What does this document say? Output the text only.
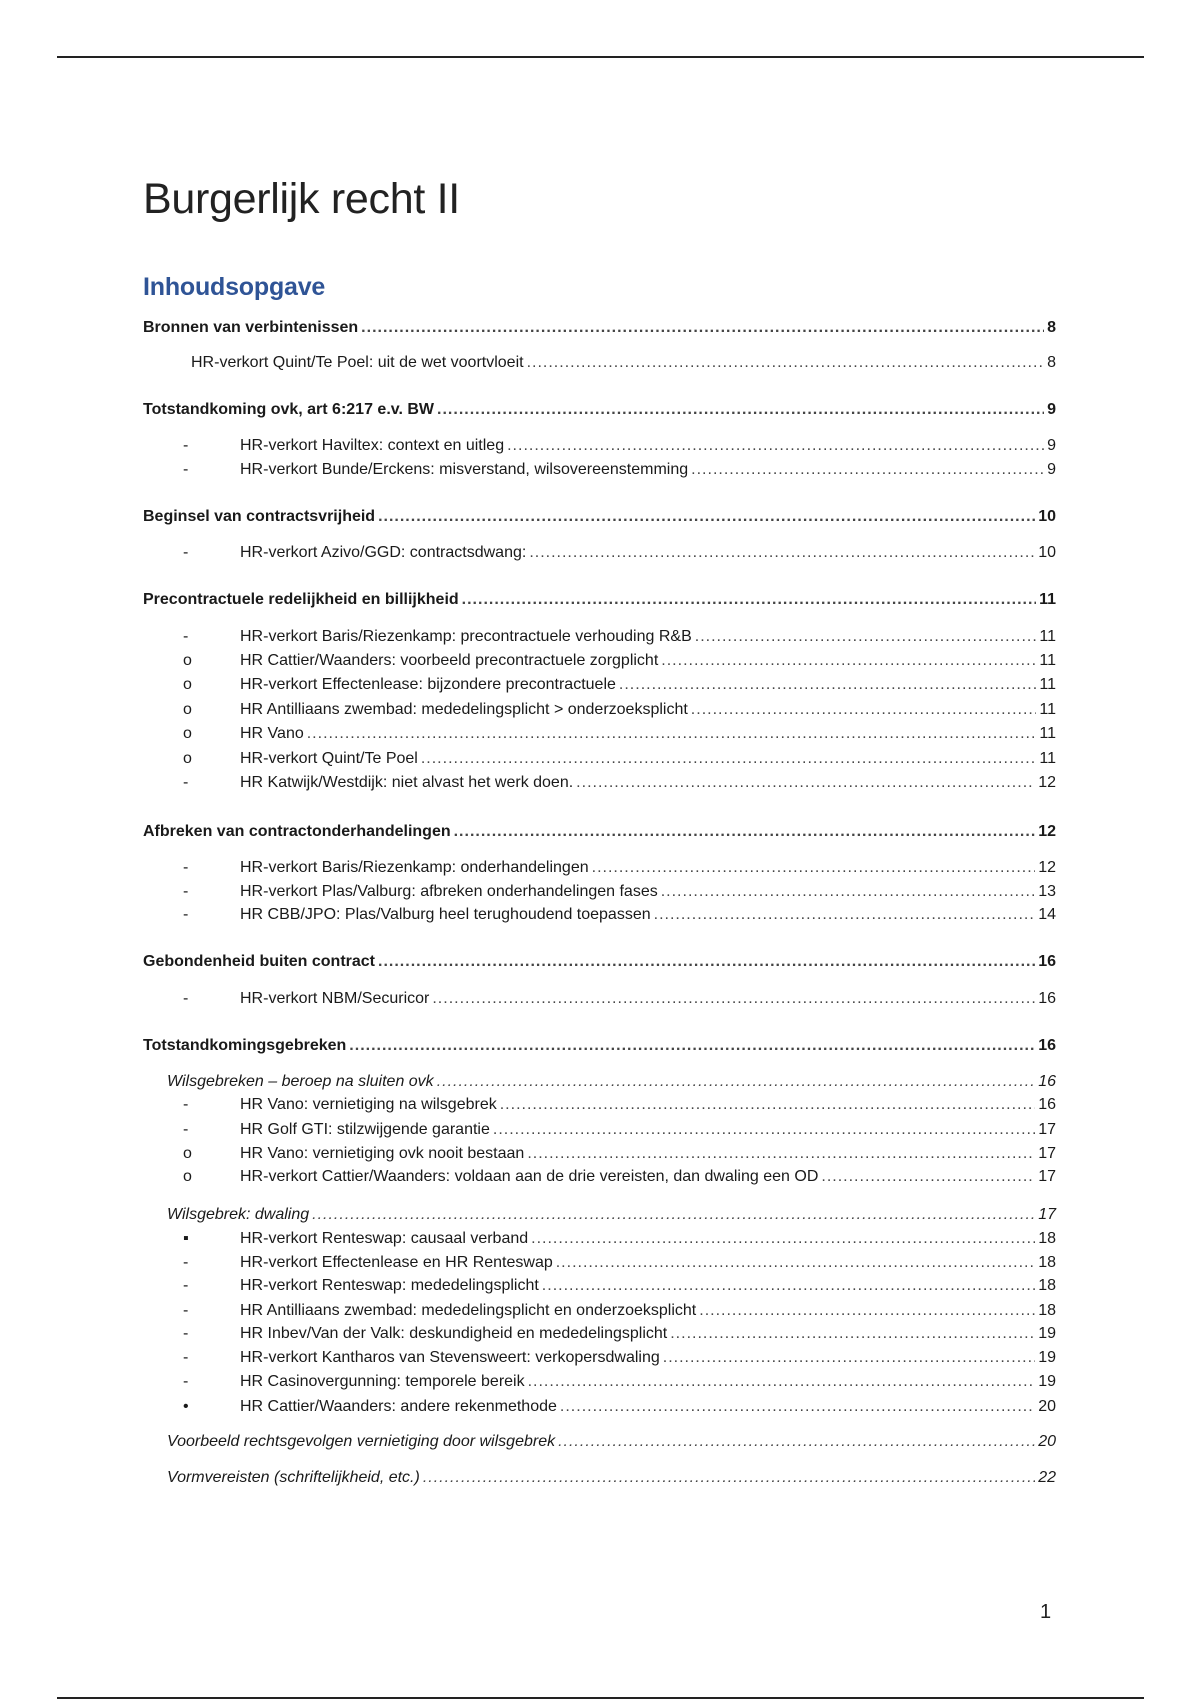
Burgerlijk recht II
Inhoudsopgave
Bronnen van verbintenissen .....	8
HR-verkort Quint/Te Poel: uit de wet voortvloeit .....	8
Totstandkoming ovk, art 6:217 e.v. BW .....	9
-	HR-verkort Haviltex: context en uitleg .....	9
-	HR-verkort Bunde/Erckens: misverstand, wilsovereenstemming .....	9
Beginsel van contractsvrijheid .....	10
-	HR-verkort Azivo/GGD: contractsdwang: .....	10
Precontractuele redelijkheid en billijkheid .....	11
-	HR-verkort Baris/Riezenkamp: precontractuele verhouding R&B .....	11
o	HR Cattier/Waanders: voorbeeld precontractuele zorgplicht .....	11
o	HR-verkort Effectenlease: bijzondere precontractuele .....	11
o	HR Antilliaans zwembad: mededelingsplicht > onderzoeksplicht .....	11
o	HR Vano .....	11
o	HR-verkort Quint/Te Poel .....	11
-	HR Katwijk/Westdijk: niet alvast het werk doen. .....	12
Afbreken van contractonderhandelingen .....	12
-	HR-verkort Baris/Riezenkamp: onderhandelingen .....	12
-	HR-verkort Plas/Valburg: afbreken onderhandelingen fases .....	13
-	HR CBB/JPO: Plas/Valburg heel terughoudend toepassen .....	14
Gebondenheid buiten contract .....	16
-	HR-verkort NBM/Securicor .....	16
Totstandkomingsgebreken .....	16
Wilsgebreken – beroep na sluiten ovk .....	16
-	HR Vano: vernietiging na wilsgebrek .....	16
-	HR Golf GTI: stilzwijgende garantie .....	17
o	HR Vano: vernietiging ovk nooit bestaan .....	17
o	HR-verkort Cattier/Waanders: voldaan aan de drie vereisten, dan dwaling een OD .....	17
Wilsgebrek: dwaling .....	17
▪	HR-verkort Renteswap: causaal verband .....	18
-	HR-verkort Effectenlease en HR Renteswap .....	18
-	HR-verkort Renteswap: mededelingsplicht .....	18
-	HR Antilliaans zwembad: mededelingsplicht en onderzoeksplicht .....	18
-	HR Inbev/Van der Valk: deskundigheid en mededelingsplicht .....	19
-	HR-verkort Kantharos van Stevensweert: verkopersdwaling .....	19
-	HR Casinovergunning: temporele bereik .....	19
•	HR Cattier/Waanders: andere rekenmethode .....	20
Voorbeeld rechtsgevolgen vernietiging door wilsgebrek .....	20
Vormvereisten (schriftelijkheid, etc.) .....	22
1
